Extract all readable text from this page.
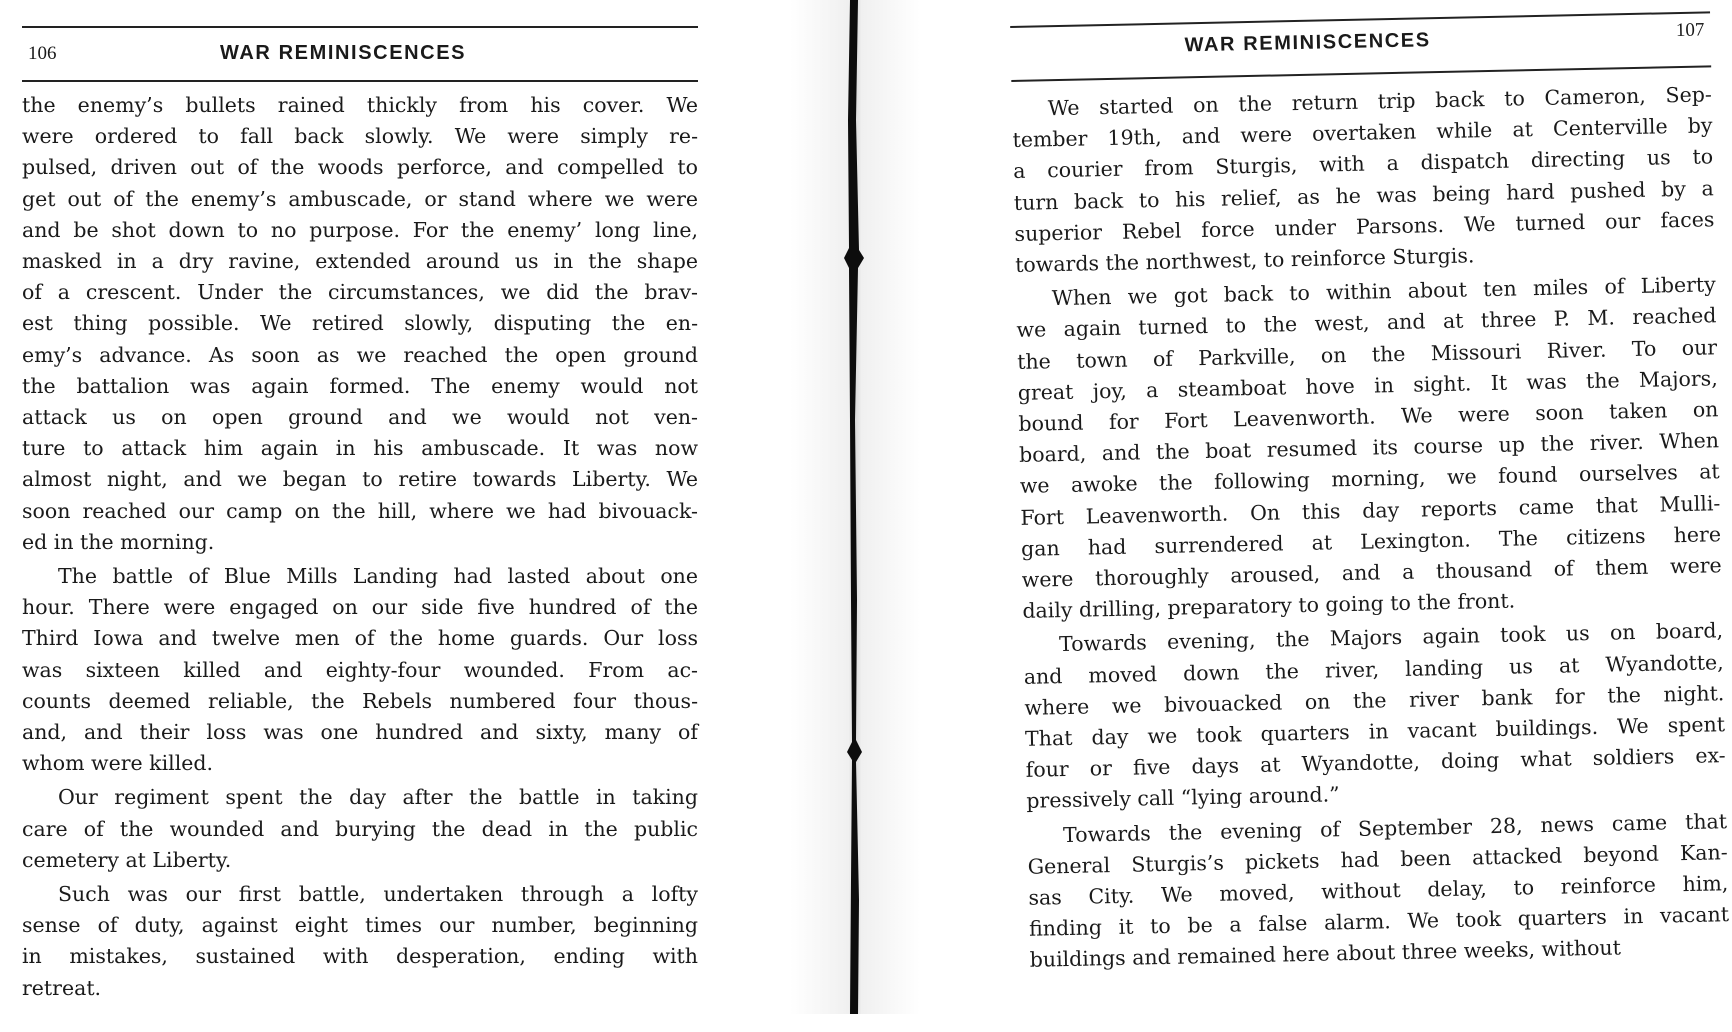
106	WAR REMINISCENCES

the enemy’s bullets rained thickly from his cover. We
were ordered to fall back slowly. We were simply re-
pulsed, driven out of the woods perforce, and compelled to
get out of the enemy’s ambuscade, or stand where we were
and be shot down to no purpose. For the enemy’ long line,
masked in a dry ravine, extended around us in the shape
of a crescent. Under the circumstances, we did the brav-
est thing possible. We retired slowly, disputing the en-
emy’s advance. As soon as we reached the open ground
the battalion was again formed. The enemy would not
attack us on open ground and we would not ven-
ture to attack him again in his ambuscade. It was now
almost night, and we began to retire towards Liberty. We
soon reached our camp on the hill, where we had bivouack-
ed in the morning.

The battle of Blue Mills Landing had lasted about one
hour. There were engaged on our side five hundred of the
Third Iowa and twelve men of the home guards. Our loss
was sixteen killed and eighty-four wounded. From ac-
counts deemed reliable, the Rebels numbered four thous-
and, and their loss was one hundred and sixty, many of
whom were killed.

Our regiment spent the day after the battle in taking
care of the wounded and burying the dead in the public
cemetery at Liberty.

Such was our first battle, undertaken through a lofty
sense of duty, against eight times our number, beginning
in mistakes, sustained with desperation, ending with
retreat.

WAR REMINISCENCES	107

We started on the return trip back to Cameron, Sep-
tember 19th, and were overtaken while at Centerville by
a courier from Sturgis, with a dispatch directing us to
turn back to his relief, as he was being hard pushed by a
superior Rebel force under Parsons. We turned our faces
towards the northwest, to reinforce Sturgis.

When we got back to within about ten miles of Liberty
we again turned to the west, and at three P. M. reached
the town of Parkville, on the Missouri River. To our
great joy, a steamboat hove in sight. It was the Majors,
bound for Fort Leavenworth. We were soon taken on
board, and the boat resumed its course up the river. When
we awoke the following morning, we found ourselves at
Fort Leavenworth. On this day reports came that Mulli-
gan had surrendered at Lexington. The citizens here
were thoroughly aroused, and a thousand of them were
daily drilling, preparatory to going to the front.

Towards evening, the Majors again took us on board,
and moved down the river, landing us at Wyandotte,
where we bivouacked on the river bank for the night.
That day we took quarters in vacant buildings. We spent
four or five days at Wyandotte, doing what soldiers ex-
pressively call “lying around.”

Towards the evening of September 28, news came that
General Sturgis’s pickets had been attacked beyond Kan-
sas City. We moved, without delay, to reinforce him,
finding it to be a false alarm. We took quarters in vacant
buildings and remained here about three weeks, without
